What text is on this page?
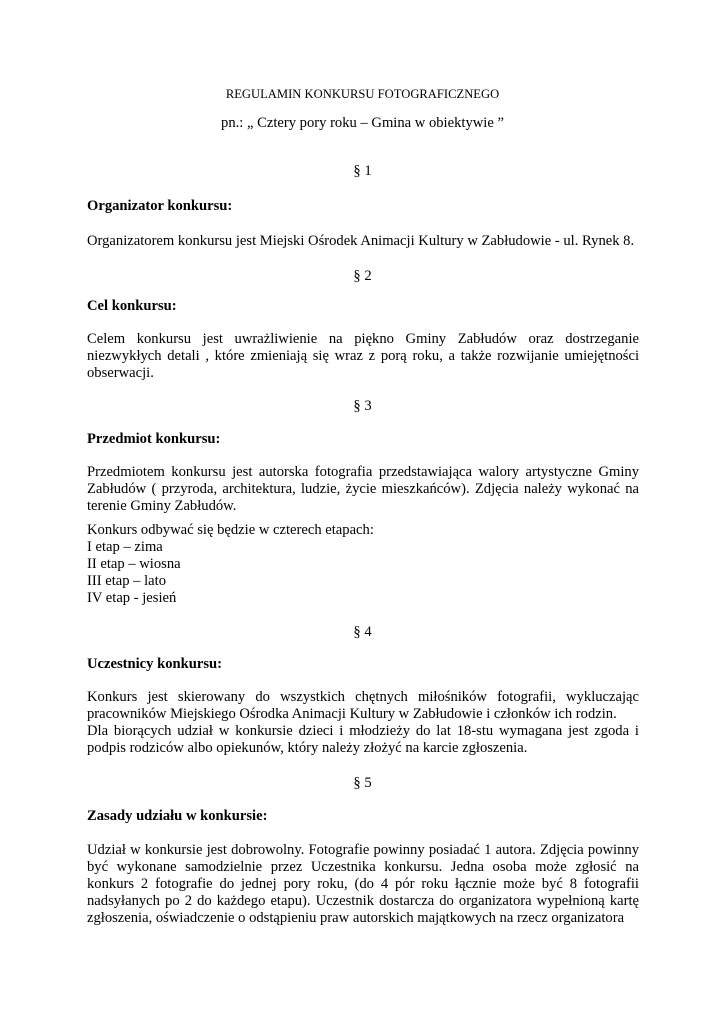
REGULAMIN KONKURSU FOTOGRAFICZNEGO
pn.: „ Cztery pory roku – Gmina w obiektywie ”
§ 1
Organizator konkursu:
Organizatorem konkursu jest Miejski Ośrodek Animacji Kultury w Zabłudowie - ul. Rynek 8.
§ 2
Cel konkursu:
Celem konkursu jest uwrażliwienie na piękno Gminy Zabłudów oraz dostrzeganie
niezwykłych detali , które zmieniają się wraz z porą roku, a także rozwijanie umiejętności
obserwacji.
§ 3
Przedmiot konkursu:
Przedmiotem konkursu jest autorska fotografia przedstawiająca walory artystyczne Gminy
Zabłudów ( przyroda, architektura, ludzie, życie mieszkańców). Zdjęcia należy wykonać na
terenie Gminy Zabłudów.
Konkurs odbywać się będzie w czterech etapach:
I etap – zima
II etap – wiosna
III etap – lato
IV etap - jesień
§ 4
Uczestnicy konkursu:
Konkurs jest skierowany do wszystkich chętnych miłośników fotografii, wykluczając
pracowników Miejskiego Ośrodka Animacji Kultury w Zabłudowie i członków ich rodzin.
Dla biorących udział w konkursie dzieci i młodzieży do lat 18-stu wymagana jest zgoda i
podpis rodziców albo opiekunów, który należy złożyć na karcie zgłoszenia.
§ 5
Zasady udziału w konkursie:
Udział w konkursie jest dobrowolny. Fotografie powinny posiadać 1 autora. Zdjęcia powinny
być wykonane samodzielnie przez Uczestnika konkursu. Jedna osoba może zgłosić na
konkurs 2 fotografie do jednej pory roku, (do 4 pór roku łącznie może być 8 fotografii
nadsyłanych po 2 do każdego etapu). Uczestnik dostarcza do organizatora wypełnioną kartę
zgłoszenia, oświadczenie o odstąpieniu praw autorskich majątkowych na rzecz organizatora
